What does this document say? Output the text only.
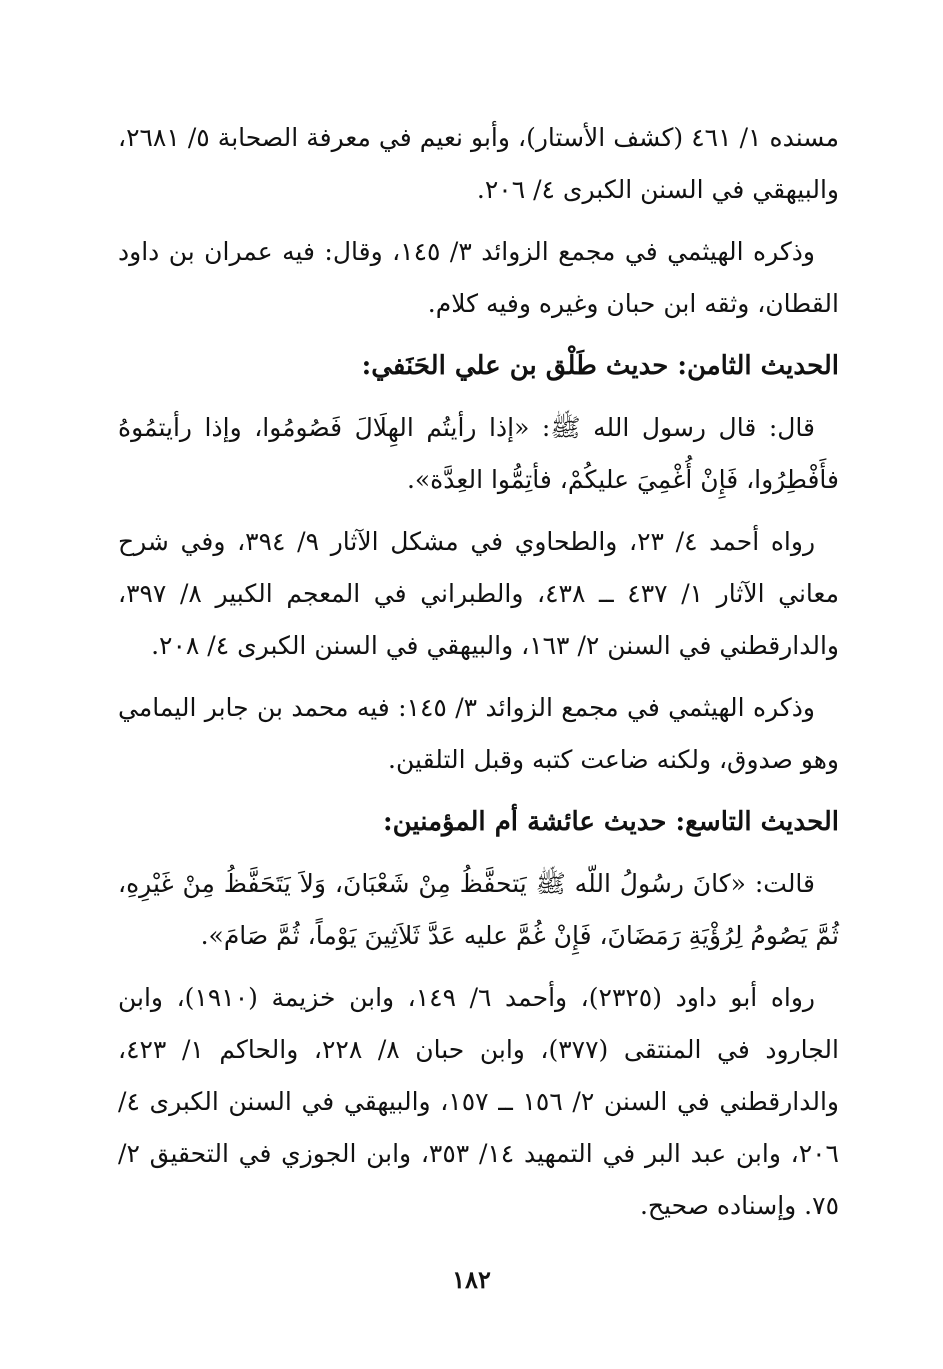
مسنده ١/ ٤٦١ (كشف الأستار)، وأبو نعيم في معرفة الصحابة ٥/ ٢٦٨١، والبيهقي في السنن الكبرى ٤/ ٢٠٦.

وذكره الهيثمي في مجمع الزوائد ٣/ ١٤٥، وقال: فيه عمران بن داود القطان، وثقه ابن حبان وغيره وفيه كلام.

الحديث الثامن: حديث طَلْق بن علي الحَنَفي:

قال: قال رسول الله ﷺ: «إذا رأيتُم الهِلَالَ فَصُومُوا، وإذا رأيتمُوهُ فأَفْطِرُوا، فَإِنْ أُغْمِيَ عليكُمْ، فأتِمُّوا العِدَّة».

رواه أحمد ٤/ ٢٣، والطحاوي في مشكل الآثار ٩/ ٣٩٤، وفي شرح معاني الآثار ١/ ٤٣٧ ــ ٤٣٨، والطبراني في المعجم الكبير ٨/ ٣٩٧، والدارقطني في السنن ٢/ ١٦٣، والبيهقي في السنن الكبرى ٤/ ٢٠٨.

وذكره الهيثمي في مجمع الزوائد ٣/ ١٤٥: فيه محمد بن جابر اليمامي وهو صدوق، ولكنه ضاعت كتبه وقبل التلقين.

الحديث التاسع: حديث عائشة أم المؤمنين:

قالت: «كانَ رسُولُ اللّه ﷺ يَتحفَّظُ مِنْ شَعْبَانَ، وَلاَ يَتَحَفَّظُ مِنْ غَيْرِهِ، ثُمَّ يَصُومُ لِرُؤْيَةِ رَمَضَانَ، فَإِنْ غُمَّ عليه عَدَّ ثَلاَثِينَ يَوْماً، ثُمَّ صَامَ».

رواه أبو داود (٢٣٢٥)، وأحمد ٦/ ١٤٩، وابن خزيمة (١٩١٠)، وابن الجارود في المنتقى (٣٧٧)، وابن حبان ٨/ ٢٢٨، والحاكم ١/ ٤٢٣، والدارقطني في السنن ٢/ ١٥٦ ــ ١٥٧، والبيهقي في السنن الكبرى ٤/ ٢٠٦، وابن عبد البر في التمهيد ١٤/ ٣٥٣، وابن الجوزي في التحقيق ٢/ ٧٥. وإسناده صحيح.

١٨٢
